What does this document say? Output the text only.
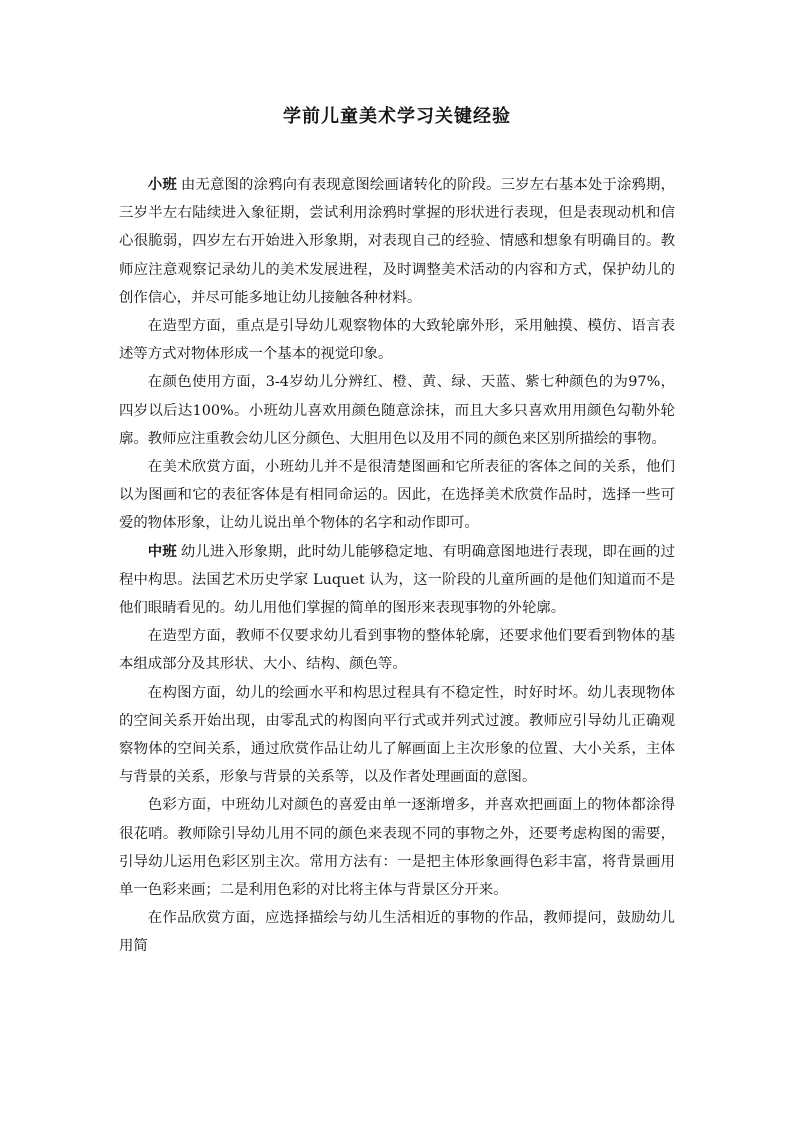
学前儿童美术学习关键经验

小班 由无意图的涂鸦向有表现意图绘画诸转化的阶段。三岁左右基本处于涂鸦期，三岁半左右陆续进入象征期，尝试利用涂鸦时掌握的形状进行表现，但是表现动机和信心很脆弱，四岁左右开始进入形象期，对表现自己的经验、情感和想象有明确目的。教师应注意观察记录幼儿的美术发展进程，及时调整美术活动的内容和方式，保护幼儿的创作信心，并尽可能多地让幼儿接触各种材料。

在造型方面，重点是引导幼儿观察物体的大致轮廓外形，采用触摸、模仿、语言表述等方式对物体形成一个基本的视觉印象。

在颜色使用方面，3-4岁幼儿分辨红、橙、黄、绿、天蓝、紫七种颜色的为97%，四岁以后达100%。小班幼儿喜欢用颜色随意涂抹，而且大多只喜欢用用颜色勾勒外轮廓。教师应注重教会幼儿区分颜色、大胆用色以及用不同的颜色来区别所描绘的事物。

在美术欣赏方面，小班幼儿并不是很清楚图画和它所表征的客体之间的关系，他们以为图画和它的表征客体是有相同命运的。因此，在选择美术欣赏作品时，选择一些可爱的物体形象，让幼儿说出单个物体的名字和动作即可。

中班 幼儿进入形象期，此时幼儿能够稳定地、有明确意图地进行表现，即在画的过程中构思。法国艺术历史学家 Luquet 认为，这一阶段的儿童所画的是他们知道而不是他们眼睛看见的。幼儿用他们掌握的简单的图形来表现事物的外轮廓。

在造型方面，教师不仅要求幼儿看到事物的整体轮廓，还要求他们要看到物体的基本组成部分及其形状、大小、结构、颜色等。

在构图方面，幼儿的绘画水平和构思过程具有不稳定性，时好时坏。幼儿表现物体的空间关系开始出现，由零乱式的构图向平行式或并列式过渡。教师应引导幼儿正确观察物体的空间关系，通过欣赏作品让幼儿了解画面上主次形象的位置、大小关系，主体与背景的关系，形象与背景的关系等，以及作者处理画面的意图。

色彩方面，中班幼儿对颜色的喜爱由单一逐渐增多，并喜欢把画面上的物体都涂得很花哨。教师除引导幼儿用不同的颜色来表现不同的事物之外，还要考虑构图的需要，引导幼儿运用色彩区别主次。常用方法有：一是把主体形象画得色彩丰富，将背景画用单一色彩来画；二是利用色彩的对比将主体与背景区分开来。

在作品欣赏方面，应选择描绘与幼儿生活相近的事物的作品，教师提问，鼓励幼儿用简
